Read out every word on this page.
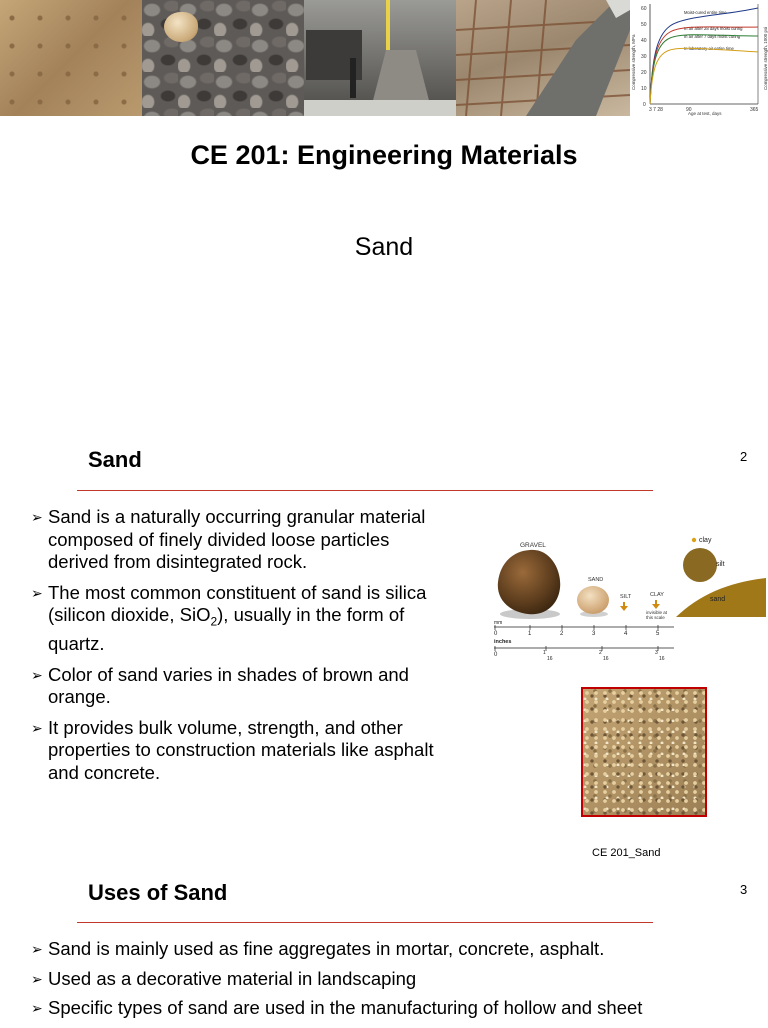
0
10
20
30
40
50
60
3 7 28	90	365
Age at test, days
Compressive strength, MPa	Compressive strength, 1000 psi
Moist-cured entire time
In air after 28 days moist curing
In air after 7 days moist curing
In laboratory air entire time
CE 201: Engineering Materials
Sand
Sand	2
➢ Sand is a naturally occurring granular material
composed of finely divided loose particles
derived from disintegrated rock.
➢ The most common constituent of sand is silica
(silicon dioxide, SiO$_2$), usually in the form of
quartz.
➢ Color of sand varies in shades of brown and
orange.
➢ It provides bulk volume, strength, and other
properties to construction materials like asphalt
and concrete.
GRAVEL
SAND
SILT	CLAY
invisible at
this scale
mm
0	1	2	3	4	5
inches
0	1
16
2
16
3
16
clay
silt
sand
CE 201_Sand
Uses of Sand	3
➢ Sand is mainly used as fine aggregates in mortar, concrete, asphalt.
➢ Used as a decorative material in landscaping
➢ Specific types of sand are used in the manufacturing of hollow and sheet
